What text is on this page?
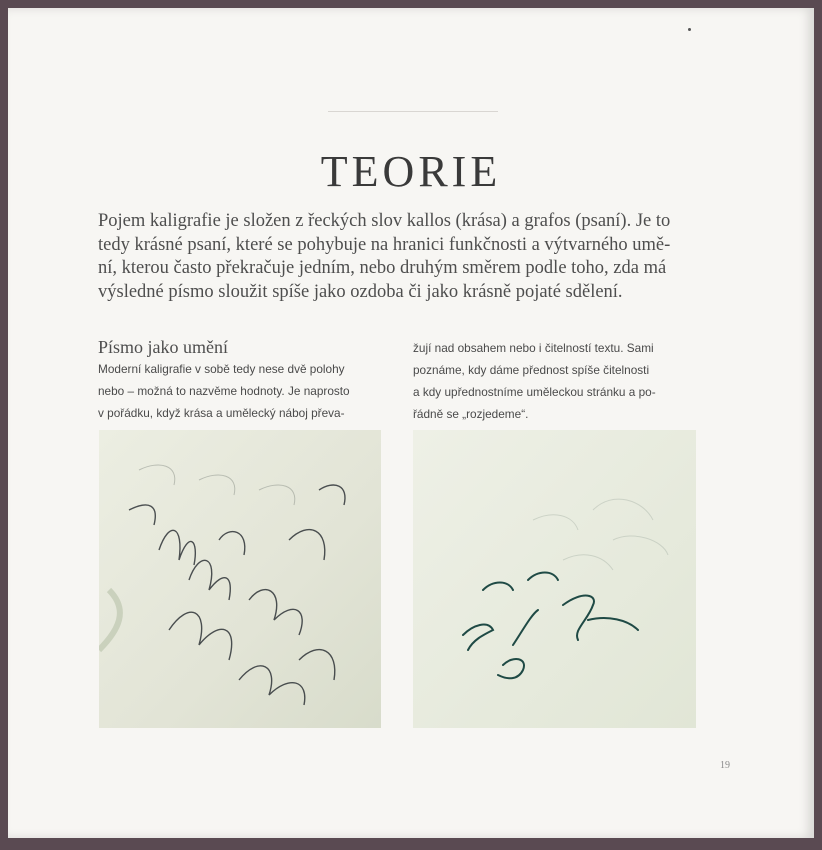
TEORIE
Pojem kaligrafie je složen z řeckých slov kallos (krása) a grafos (psaní). Je to
tedy krásné psaní, které se pohybuje na hranici funkčnosti a výtvarného umě-
ní, kterou často překračuje jedním, nebo druhým směrem podle toho, zda má
výsledné písmo sloužit spíše jako ozdoba či jako krásně pojaté sdělení.
Písmo jako umění
Moderní kaligrafie v sobě tedy nese dvě polohy
nebo – možná to nazvěme hodnoty. Je naprosto
v pořádku, když krása a umělecký náboj převa-
žují nad obsahem nebo i čitelností textu. Sami
poznáme, kdy dáme přednost spíše čitelnosti
a kdy upřednostníme uměleckou stránku a po-
řádně se „rozjedeme“.
19
